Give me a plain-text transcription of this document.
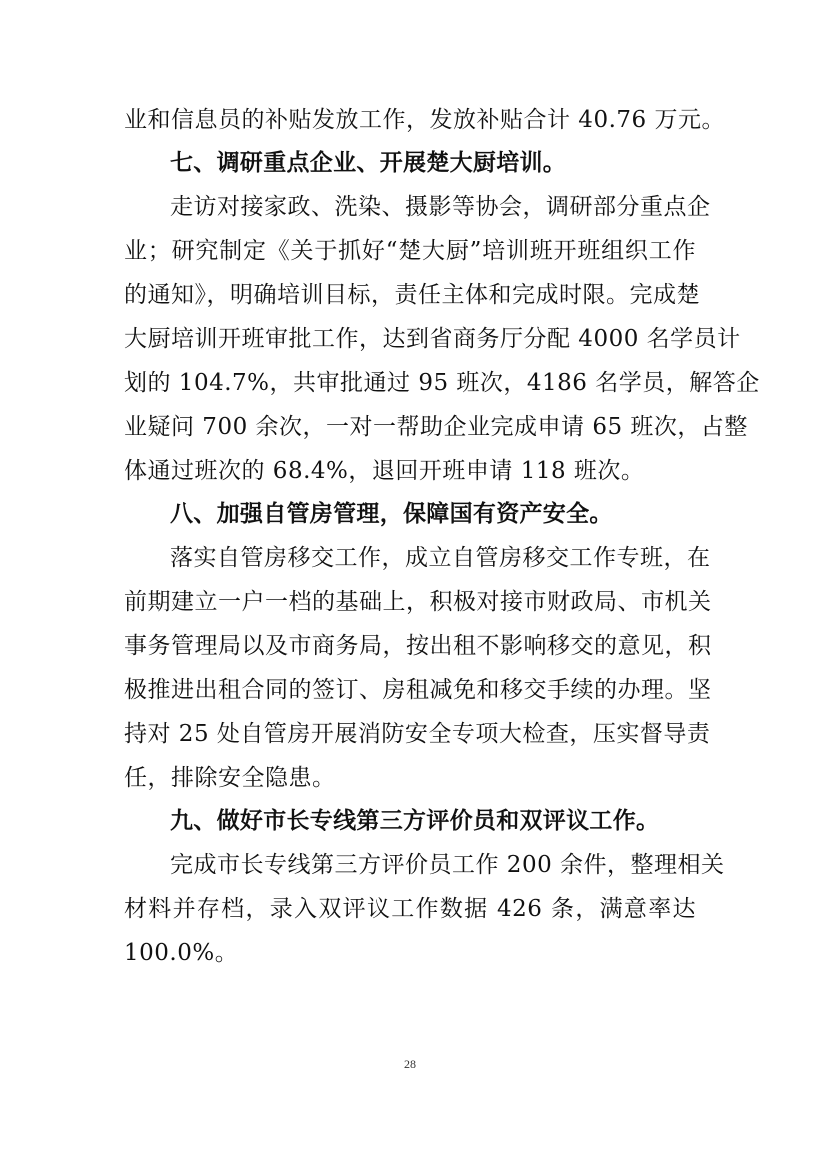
业和信息员的补贴发放工作，发放补贴合计 40.76 万元。
七、调研重点企业、开展楚大厨培训。
走访对接家政、洗染、摄影等协会，调研部分重点企
业；研究制定《关于抓好“楚大厨”培训班开班组织工作
的通知》，明确培训目标，责任主体和完成时限。完成楚
大厨培训开班审批工作，达到省商务厅分配 4000 名学员计
划的 104.7%，共审批通过 95 班次，4186 名学员，解答企
业疑问 700 余次，一对一帮助企业完成申请 65 班次，占整
体通过班次的 68.4%，退回开班申请 118 班次。
八、加强自管房管理，保障国有资产安全。
落实自管房移交工作，成立自管房移交工作专班，在
前期建立一户一档的基础上，积极对接市财政局、市机关
事务管理局以及市商务局，按出租不影响移交的意见，积
极推进出租合同的签订、房租减免和移交手续的办理。坚
持对 25 处自管房开展消防安全专项大检查，压实督导责
任，排除安全隐患。
九、做好市长专线第三方评价员和双评议工作。
完成市长专线第三方评价员工作 200 余件，整理相关
材料并存档，录入双评议工作数据 426 条，满意率达
100.0%。
28
